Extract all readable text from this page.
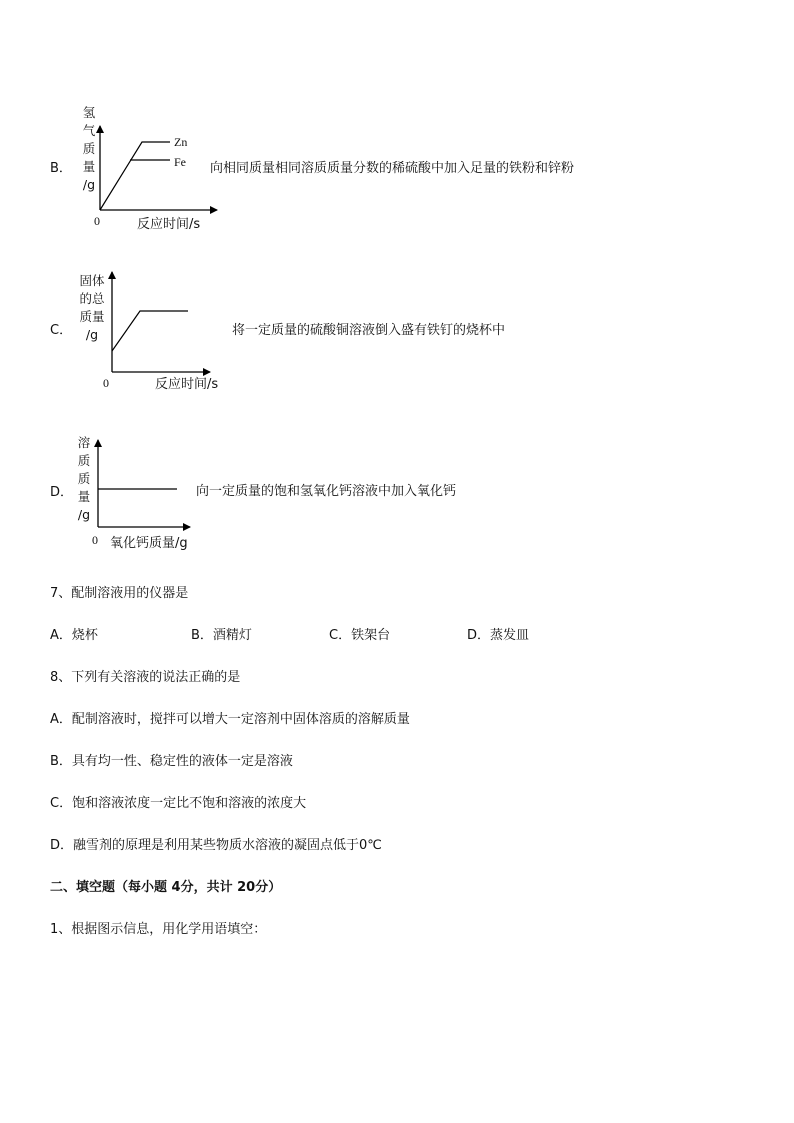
B．
氢
气
质
量
/g
Zn
Fe
0	反应时间/s
向相同质量相同溶质质量分数的稀硫酸中加入足量的铁粉和锌粉
C．
固体
的总
质量
/g
0	反应时间/s
将一定质量的硫酸铜溶液倒入盛有铁钉的烧杯中
D．
溶
质
质
量
/g
0 氧化钙质量/g
向一定质量的饱和氢氧化钙溶液中加入氧化钙
7、配制溶液用的仪器是
A．烧杯	B．酒精灯	C．铁架台	D．蒸发皿
8、下列有关溶液的说法正确的是
A．配制溶液时，搅拌可以增大一定溶剂中固体溶质的溶解质量
B．具有均一性、稳定性的液体一定是溶液
C．饱和溶液浓度一定比不饱和溶液的浓度大
D．融雪剂的原理是利用某些物质水溶液的凝固点低于0℃
二、填空题（每小题 4分，共计 20分）
1、根据图示信息，用化学用语填空：
